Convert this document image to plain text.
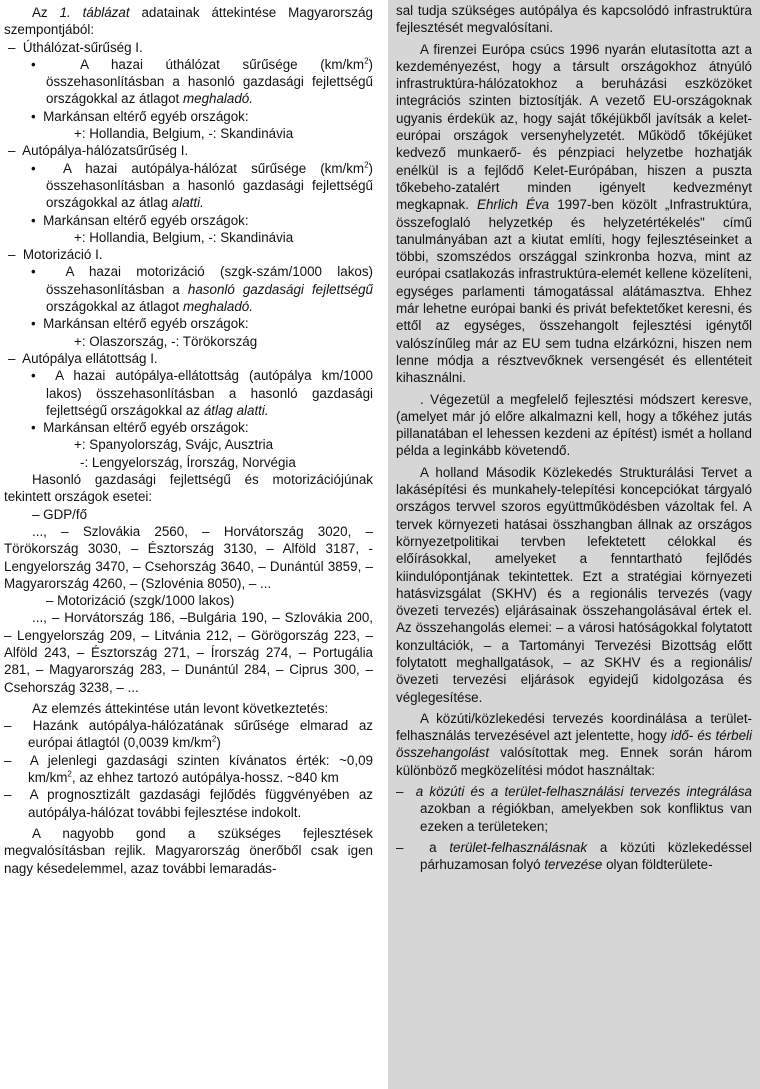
Az 1. táblázat adatainak áttekintése Magyarország szempontjából:

–  Úthálózat-sűrűség I.

•  A hazai úthálózat sűrűsége $(km/km^2)$ összehasonlításban a hasonló gazdasági fejlettségű országokkal az átlagot meghaladó.

•  Markánsan eltérő egyéb országok:

+: Hollandia, Belgium, -: Skandinávia

–  Autópálya-hálózatsűrűség I.

•  A hazai autópálya-hálózat sűrűsége $(km/km^2)$ összehasonlításban a hasonló gazdasági fejlettségű országokkal az átlag alatti.

•  Markánsan eltérő egyéb országok:

+: Hollandia, Belgium, -: Skandinávia

–  Motorizáció I.

•  A hazai motorizáció (szgk-szám/1000 lakos) összehasonlításban a hasonló gazdasági fejlettségű országokkal az átlagot meghaladó.

•  Markánsan eltérő egyéb országok:

+: Olaszország, -: Törökország

–  Autópálya ellátottság I.

•  A hazai autópálya-ellátottság (autópálya km/1000 lakos) összehasonlításban a hasonló gazdasági fejlettségű országokkal az átlag alatti.

•  Markánsan eltérő egyéb országok:

+: Spanyolország, Svájc, Ausztria

-: Lengyelország, Írország, Norvégia

Hasonló gazdasági fejlettségű és motorizációjúnak tekintett országok esetei:

– GDP/fő

..., – Szlovákia 2560, – Horvátország 3020, – Törökország 3030, – Észtország 3130, – Alföld 3187, - Lengyelország 3470, – Csehország 3640, – Dunántúl 3859, – Magyarország 4260, – (Szlovénia 8050), – ...

– Motorizáció (szgk/1000 lakos)

..., – Horvátország 186, –Bulgária 190, – Szlovákia 200, – Lengyelország 209, – Litvánia 212, – Görögország 223, – Alföld 243, – Észtország 271, – Írország 274, – Portugália 281, – Magyarország 283, – Dunántúl 284, – Ciprus 300, – Csehország 3238, – ...

Az elemzés áttekintése után levont következtetés:

–  Hazánk autópálya-hálózatának sűrűsége elmarad az európai átlagtól (0,0039 $km/km^2$)

–  A jelenlegi gazdasági szinten kívánatos érték: ~0,09 $km/km^2$, az ehhez tartozó autópálya-hossz. ~840 km

–  A prognosztizált gazdasági fejlődés függvényében az autópálya-hálózat további fejlesztése indokolt.

A nagyobb gond a szükséges fejlesztések megvalósításban rejlik. Magyarország önerőből csak igen nagy késedelemmel, azaz további lemaradás-

sal tudja szükséges autópálya és kapcsolódó infrastruktúra fejlesztését megvalósítani.

A firenzei Európa csúcs 1996 nyarán elutasította azt a kezdeményezést, hogy a társult országokhoz átnyúló infrastruktúra-hálózatokhoz a beruházási eszközöket integrációs szinten biztosítják. A vezető EU-országoknak ugyanis érdekük az, hogy saját tőkéjükből javítsák a kelet-európai országok versenyhelyzetét. Működő tőkéjüket kedvező munkaerő- és pénzpiaci helyzetbe hozhatják enélkül is a fejlődő Kelet-Európában, hiszen a puszta tőkebeho-zatalért minden igényelt kedvezményt megkapnak. Ehrlich Éva 1997-ben közölt „Infrastruktúra, összefoglaló helyzetkép és helyzetértékelés" című tanulmányában azt a kiutat említi, hogy fejlesztéseinket a többi, szomszédos országgal szinkronba hozva, mint az európai csatlakozás infrastruktúra-elemét kellene közelíteni, egységes parlamenti támogatással alátámasztva. Ehhez már lehetne európai banki és privát befektetőket keresni, és ettől az egységes, összehangolt fejlesztési igénytől valószínűleg már az EU sem tudna elzárkózni, hiszen nem lenne módja a résztvevőknek versengését és ellentéteit kihasználni.

. Végezetül a megfelelő fejlesztési módszert keresve, (amelyet már jó előre alkalmazni kell, hogy a tőkéhez jutás pillanatában el lehessen kezdeni az építést) ismét a holland példa a leginkább követendő.

A holland Második Közlekedés Strukturálási Tervet a lakásépítési és munkahely-telepítési koncepciókat tárgyaló országos tervvel szoros együttműködésben vázoltak fel. A tervek környezeti hatásai összhangban állnak az országos környezetpolitikai tervben lefektetett célokkal és előírásokkal, amelyeket a fenntartható fejlődés kiindulópontjának tekintettek. Ezt a stratégiai környezeti hatásvizsgálat (SKHV) és a regionális tervezés (vagy övezeti tervezés) eljárásainak összehangolásával értek el. Az összehangolás elemei: – a városi hatóságokkal folytatott konzultációk, – a Tartományi Tervezési Bizottság előtt folytatott meghallgatások, – az SKHV és a regionális/övezeti tervezési eljárások egyidejű kidolgozása és véglegesítése.

A közúti/közlekedési tervezés koordinálása a terület-felhasználás tervezésével azt jelentette, hogy idő- és térbeli összehangolást valósítottak meg. Ennek során három különböző megközelítési módot használtak:

–  a közúti és a terület-felhasználási tervezés integrálása azokban a régiókban, amelyekben sok konfliktus van ezeken a területeken;

–  a terület-felhasználásnak a közúti közlekedéssel párhuzamosan folyó tervezése olyan földterülete-
